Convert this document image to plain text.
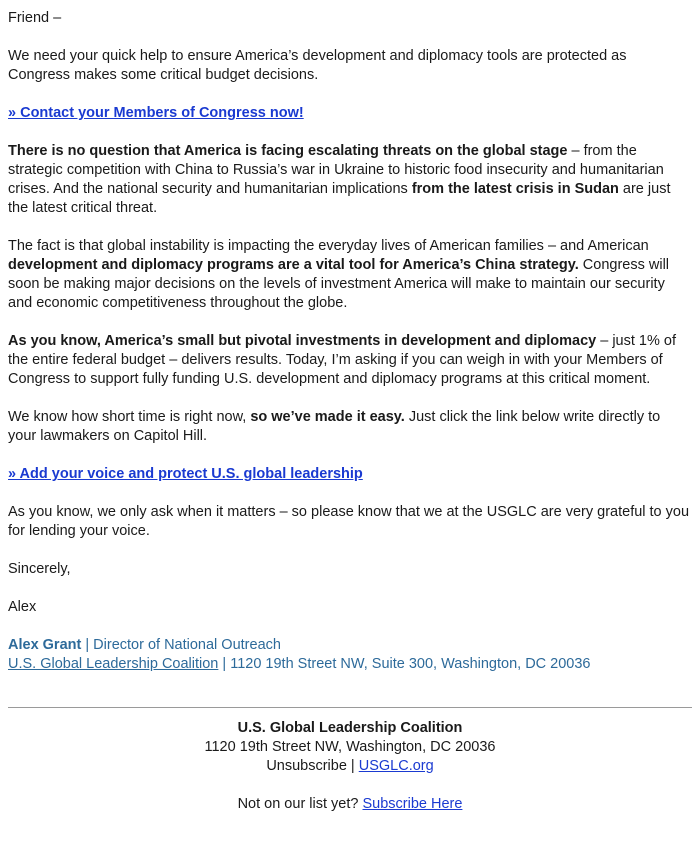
Friend –

We need your quick help to ensure America’s development and diplomacy tools are protected as Congress makes some critical budget decisions.

» Contact your Members of Congress now!

There is no question that America is facing escalating threats on the global stage – from the strategic competition with China to Russia’s war in Ukraine to historic food insecurity and humanitarian crises. And the national security and humanitarian implications from the latest crisis in Sudan are just the latest critical threat.

The fact is that global instability is impacting the everyday lives of American families – and American development and diplomacy programs are a vital tool for America’s China strategy. Congress will soon be making major decisions on the levels of investment America will make to maintain our security and economic competitiveness throughout the globe.

As you know, America’s small but pivotal investments in development and diplomacy – just 1% of the entire federal budget – delivers results. Today, I’m asking if you can weigh in with your Members of Congress to support fully funding U.S. development and diplomacy programs at this critical moment.

We know how short time is right now, so we’ve made it easy. Just click the link below write directly to your lawmakers on Capitol Hill.

» Add your voice and protect U.S. global leadership

As you know, we only ask when it matters – so please know that we at the USGLC are very grateful to you for lending your voice.

Sincerely,

Alex

Alex Grant | Director of National Outreach
U.S. Global Leadership Coalition | 1120 19th Street NW, Suite 300, Washington, DC 20036

U.S. Global Leadership Coalition

1120 19th Street NW, Washington, DC 20036

Unsubscribe | USGLC.org

Not on our list yet? Subscribe Here
